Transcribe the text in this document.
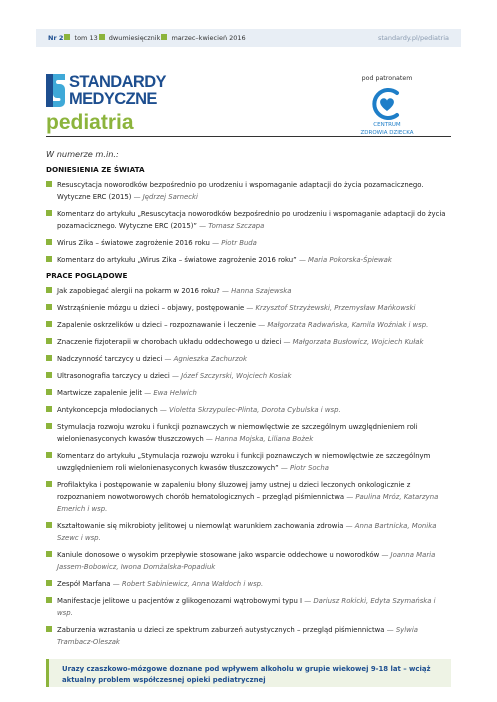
Nr 2 tom 13 dwumiesięcznik marzec–kwiecień 2016	standardy.pl/pediatria
STANDARDY
MEDYCZNE
pediatria
pod patronatem
CENTRUM
ZDROWIA DZIECKA
W numerze m.in.:
DONIESIENIA ZE ŚWIATA
Resuscytacja noworodków bezpośrednio po urodzeniu i wspomaganie adaptacji do życia pozamacicznego. Wytyczne ERC (2015) — Jędrzej Sarnecki
Komentarz do artykułu „Resuscytacja noworodków bezpośrednio po urodzeniu i wspomaganie adaptacji do życia pozamacicznego. Wytyczne ERC (2015)” — Tomasz Szczapa
Wirus Zika – światowe zagrożenie 2016 roku — Piotr Buda
Komentarz do artykułu „Wirus Zika – światowe zagrożenie 2016 roku” — Maria Pokorska-Śpiewak
PRACE POGLĄDOWE
Jak zapobiegać alergii na pokarm w 2016 roku? — Hanna Szajewska
Wstrząśnienie mózgu u dzieci – objawy, postępowanie — Krzysztof Strzyżewski, Przemysław Mańkowski
Zapalenie oskrzelików u dzieci – rozpoznawanie i leczenie — Małgorzata Radwańska, Kamila Woźniak i wsp.
Znaczenie fizjoterapii w chorobach układu oddechowego u dzieci — Małgorzata Busłowicz, Wojciech Kułak
Nadczynność tarczycy u dzieci — Agnieszka Zachurzok
Ultrasonografia tarczycy u dzieci — Józef Szczyrski, Wojciech Kosiak
Martwicze zapalenie jelit — Ewa Helwich
Antykoncepcja młodocianych — Violetta Skrzypulec-Plinta, Dorota Cybulska i wsp.
Stymulacja rozwoju wzroku i funkcji poznawczych w niemowlęctwie ze szczególnym uwzględnieniem roli wielonienasyconych kwasów tłuszczowych — Hanna Mojska, Liliana Bożek
Komentarz do artykułu „Stymulacja rozwoju wzroku i funkcji poznawczych w niemowlęctwie ze szczególnym uwzględnieniem roli wielonienasyconych kwasów tłuszczowych” — Piotr Socha
Profilaktyka i postępowanie w zapaleniu błony śluzowej jamy ustnej u dzieci leczonych onkologicznie z rozpoznaniem nowotworowych chorób hematologicznych – przegląd piśmiennictwa — Paulina Mróz, Katarzyna Emerich i wsp.
Kształtowanie się mikrobioty jelitowej u niemowląt warunkiem zachowania zdrowia — Anna Bartnicka, Monika Szewc i wsp.
Kaniule donosowe o wysokim przepływie stosowane jako wsparcie oddechowe u noworodków — Joanna Maria Jassem-Bobowicz, Iwona Domżalska-Popadiuk
Zespół Marfana — Robert Sabiniewicz, Anna Wałdoch i wsp.
Manifestacje jelitowe u pacjentów z glikogenozami wątrobowymi typu I — Dariusz Rokicki, Edyta Szymańska i wsp.
Zaburzenia wzrastania u dzieci ze spektrum zaburzeń autystycznych – przegląd piśmiennictwa — Sylwia Trambacz-Oleszak
Urazy czaszkowo-mózgowe doznane pod wpływem alkoholu w grupie wiekowej 9-18 lat – wciąż aktualny problem współczesnej opieki pediatrycznej
